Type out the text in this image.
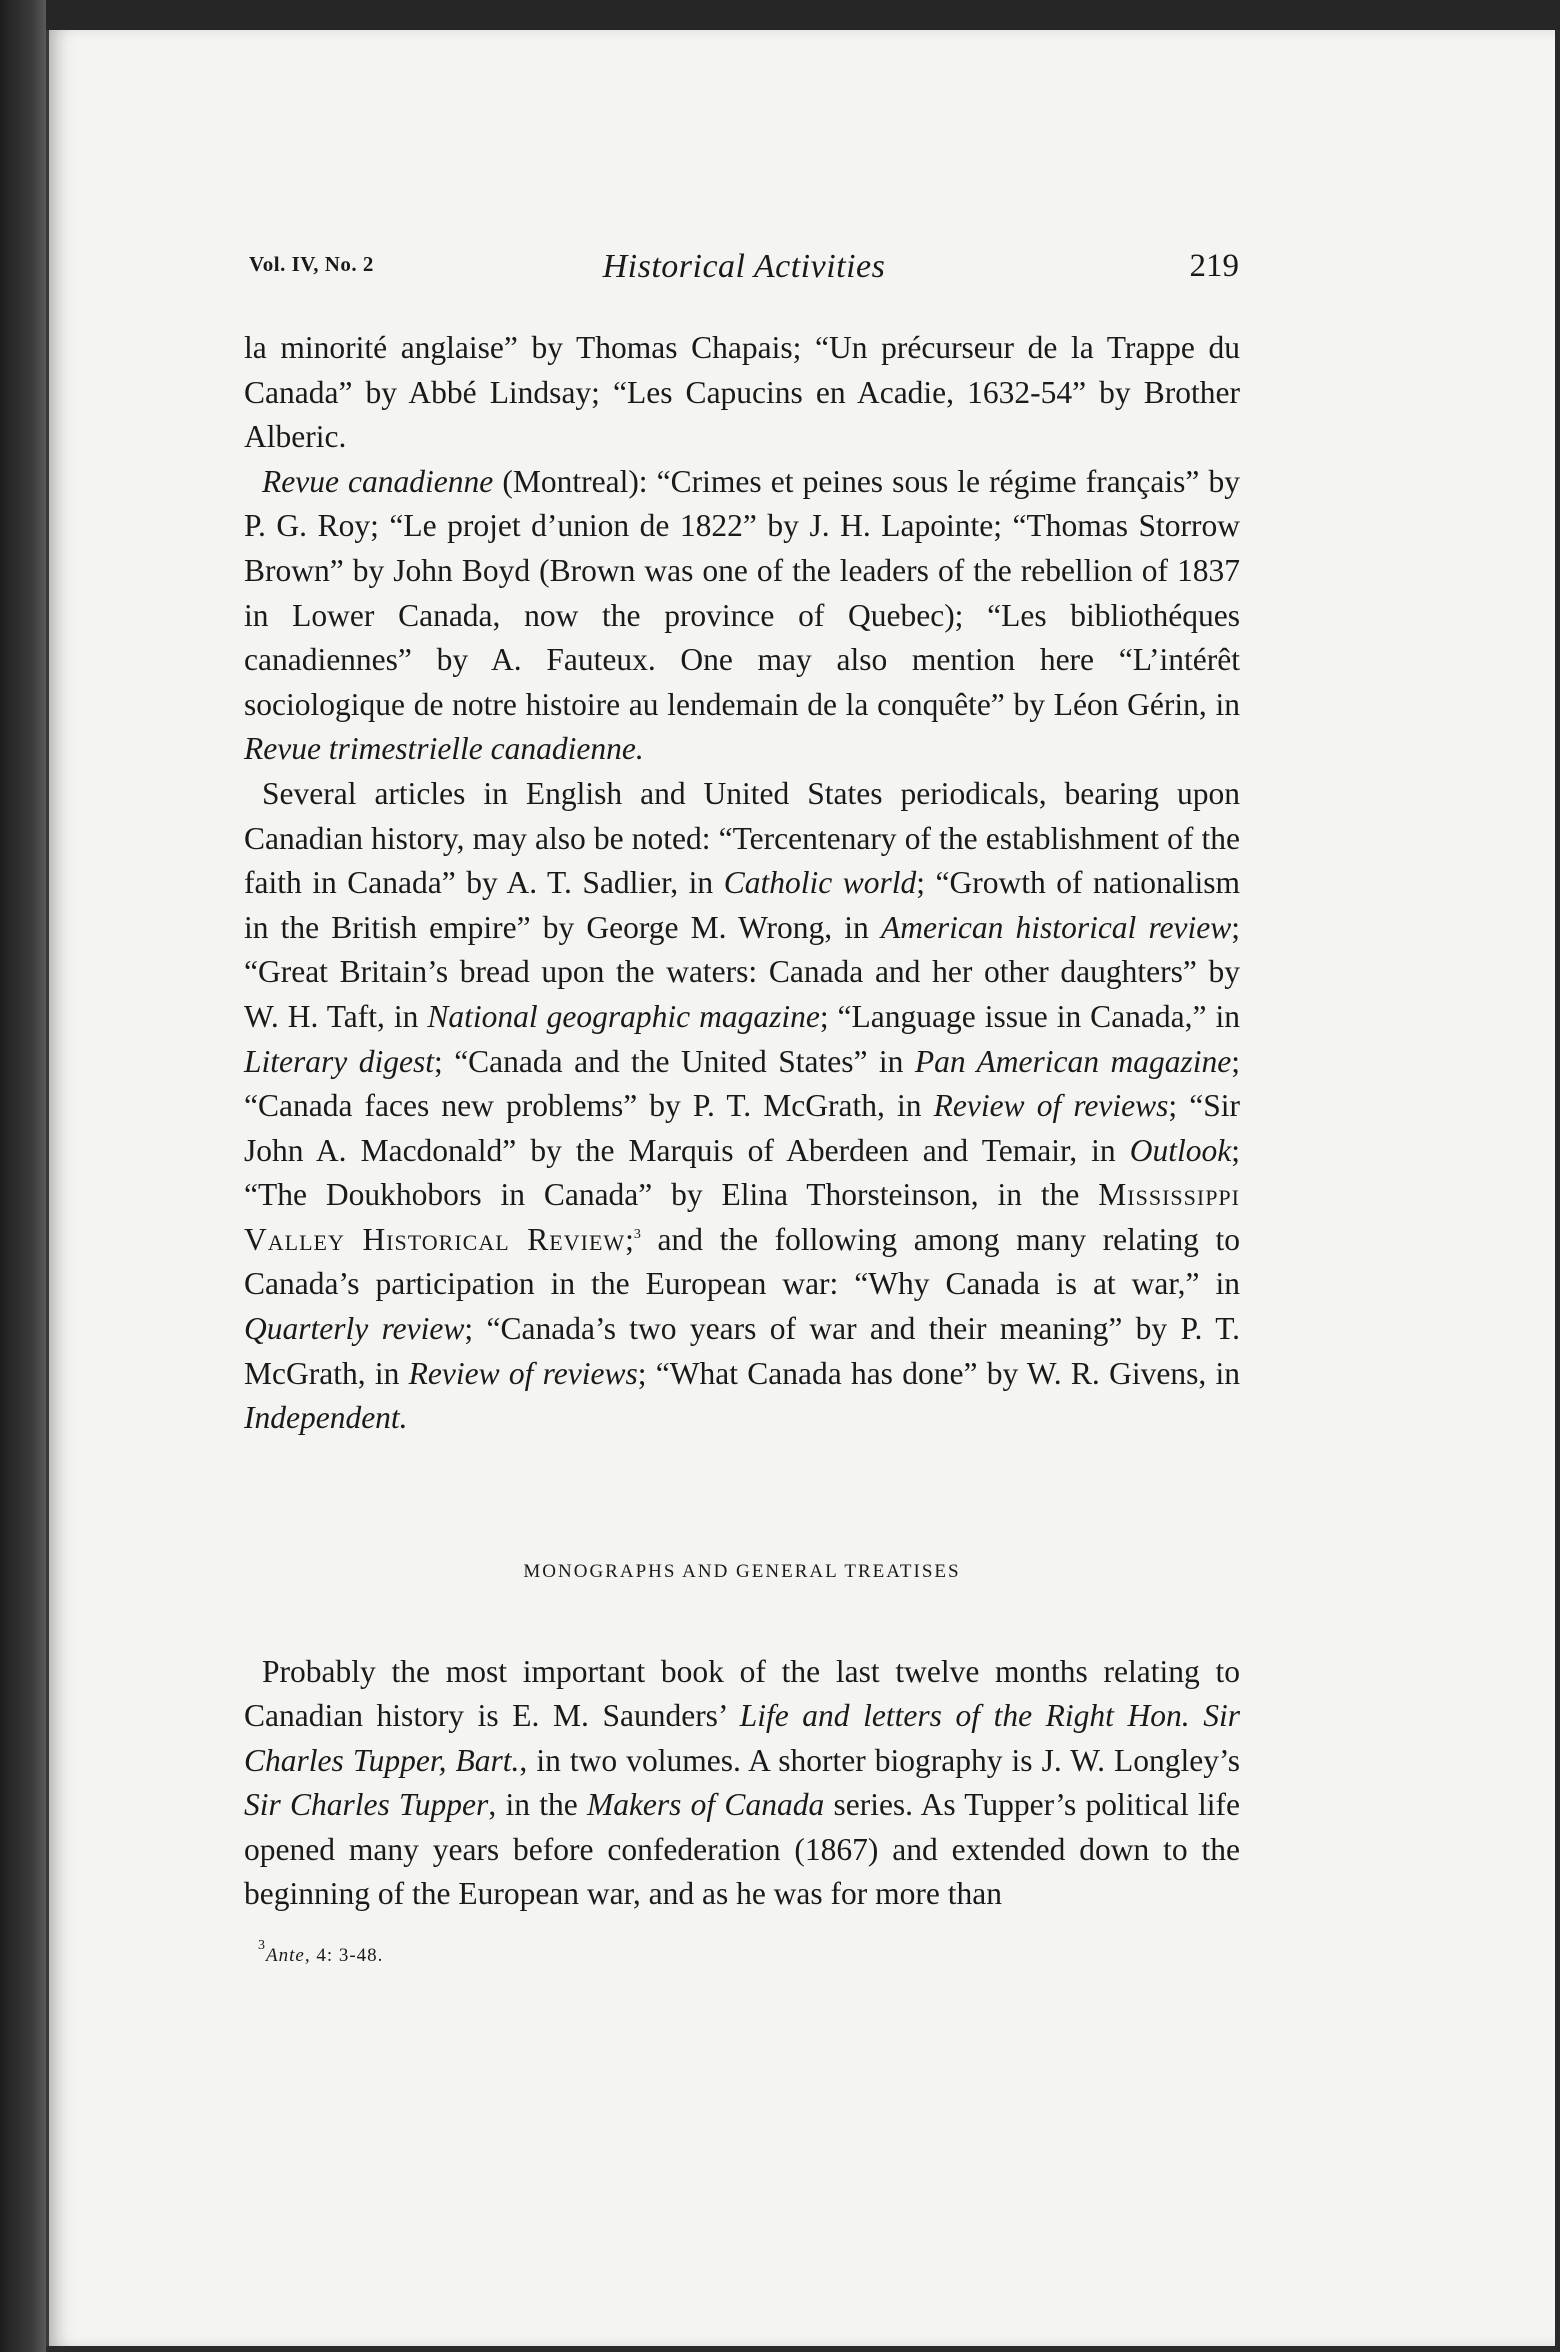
Vol. IV, No. 2	Historical Activities	219

la minorité anglaise” by Thomas Chapais; “Un précurseur de la Trappe du Canada” by Abbé Lindsay; “Les Capucins en Acadie, 1632-54” by Brother Alberic.

Revue canadienne (Montreal): “Crimes et peines sous le régime français” by P. G. Roy; “Le projet d’union de 1822” by J. H. Lapointe; “Thomas Storrow Brown” by John Boyd (Brown was one of the leaders of the rebellion of 1837 in Lower Canada, now the province of Quebec); “Les bibliothéques canadiennes” by A. Fauteux. One may also mention here “L’intérêt sociologique de notre histoire au lendemain de la conquête” by Léon Gérin, in Revue trimestrielle canadienne.

Several articles in English and United States periodicals, bearing upon Canadian history, may also be noted: “Tercentenary of the establishment of the faith in Canada” by A. T. Sadlier, in Catholic world; “Growth of nationalism in the British empire” by George M. Wrong, in American historical review; “Great Britain’s bread upon the waters: Canada and her other daughters” by W. H. Taft, in National geographic magazine; “Language issue in Canada,” in Literary digest; “Canada and the United States” in Pan American magazine; “Canada faces new problems” by P. T. McGrath, in Review of reviews; “Sir John A. Macdonald” by the Marquis of Aberdeen and Temair, in Outlook; “The Doukhobors in Canada” by Elina Thorsteinson, in the Mississippi Valley Historical Review;$^3$ and the following among many relating to Canada’s participation in the European war: “Why Canada is at war,” in Quarterly review; “Canada’s two years of war and their meaning” by P. T. McGrath, in Review of reviews; “What Canada has done” by W. R. Givens, in Independent.

MONOGRAPHS AND GENERAL TREATISES

Probably the most important book of the last twelve months relating to Canadian history is E. M. Saunders’ Life and letters of the Right Hon. Sir Charles Tupper, Bart., in two volumes. A shorter biography is J. W. Longley’s Sir Charles Tupper, in the Makers of Canada series. As Tupper’s political life opened many years before confederation (1867) and extended down to the beginning of the European war, and as he was for more than

$^3$Ante, 4: 3-48.
